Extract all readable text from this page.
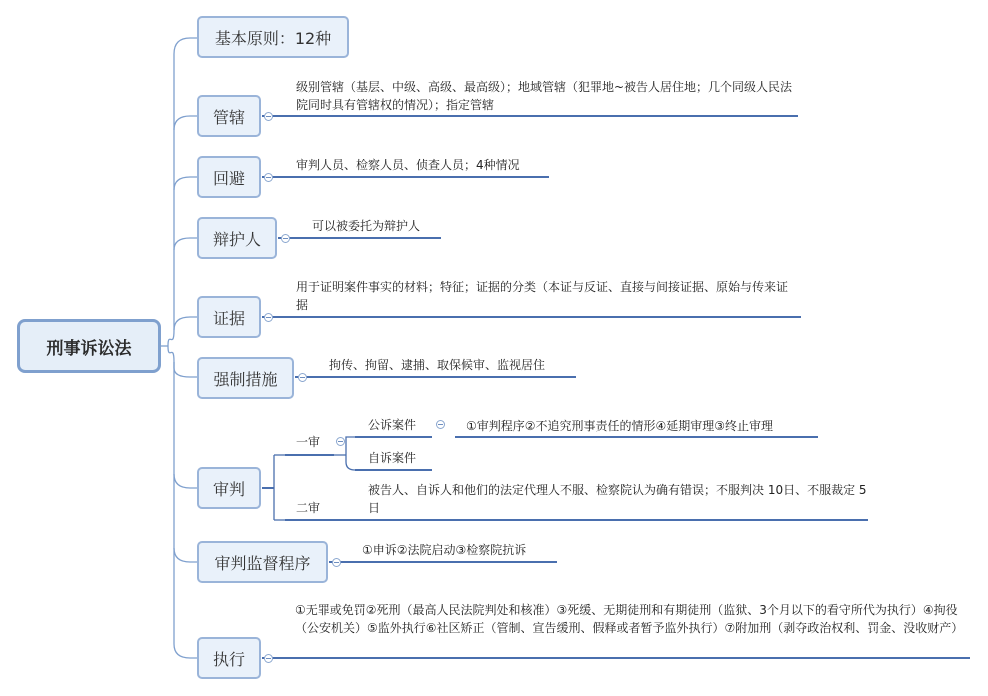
刑事诉讼法
基本原则：12种
管辖
级别管辖（基层、中级、高级、最高级）；地域管辖（犯罪地~被告人居住地；几个同级人民法院同时具有管辖权的情况）；指定管辖
回避
审判人员、检察人员、侦查人员；4种情况
辩护人
可以被委托为辩护人
证据
用于证明案件事实的材料；特征；证据的分类（本证与反证、直接与间接证据、原始与传来证据
强制措施
拘传、拘留、逮捕、取保候审、监视居住
审判
一审
公诉案件	①审判程序②不追究刑事责任的情形④延期审理③终止审理
自诉案件
二审
被告人、自诉人和他们的法定代理人不服、检察院认为确有错误；不服判决 10日、不服裁定 5日
审判监督程序
①申诉②法院启动③检察院抗诉
执行
①无罪或免罚②死刑（最高人民法院判处和核准）③死缓、无期徒刑和有期徒刑（监狱、3个月以下的看守所代为执行）④拘役（公安机关）⑤监外执行⑥社区矫正（管制、宣告缓刑、假释或者暂予监外执行）⑦附加刑（剥夺政治权利、罚金、没收财产）
